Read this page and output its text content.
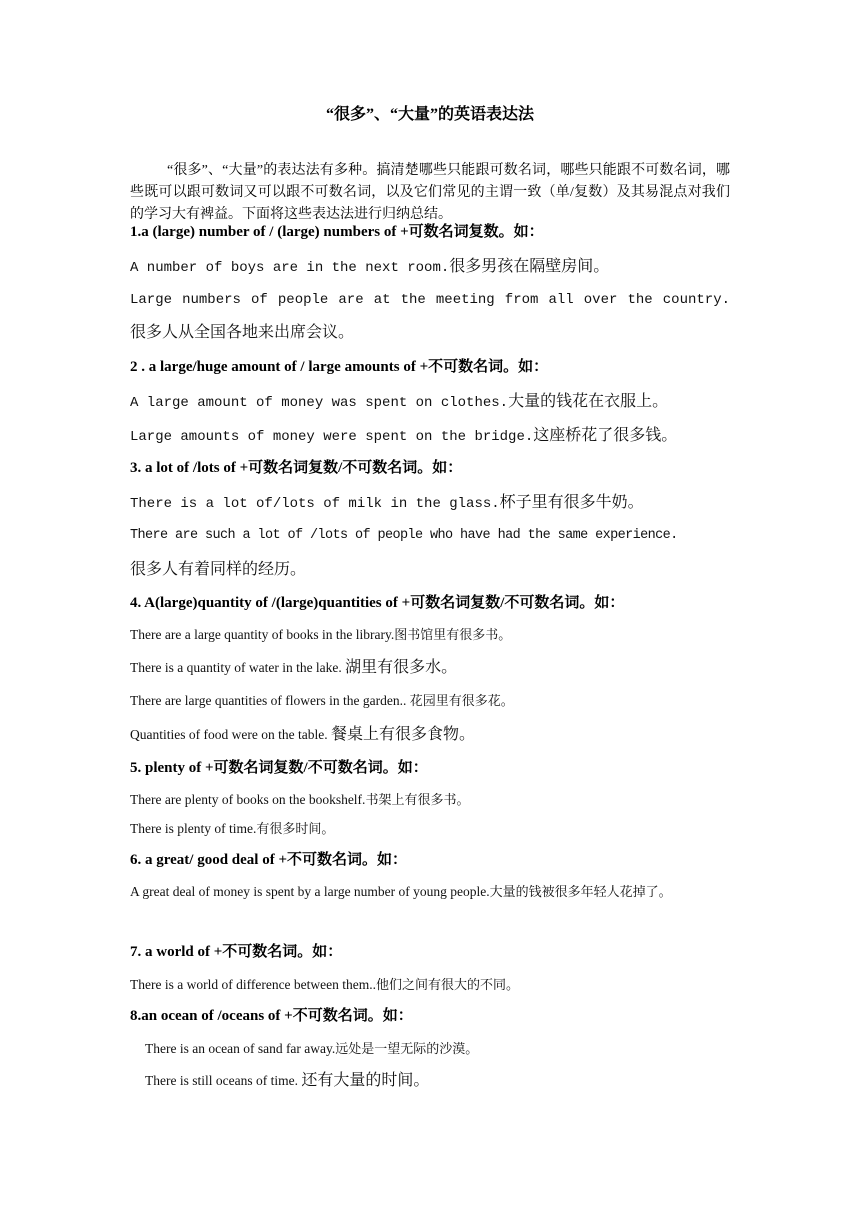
“很多”、“大量”的英语表达法
“很多”、“大量”的表达法有多种。搞清楚哪些只能跟可数名词，哪些只能跟不可数名词，哪些既可以跟可数词又可以跟不可数名词，以及它们常见的主谓一致（单/复数）及其易混点对我们的学习大有裨益。下面将这些表达法进行归纳总结。
1.a (large) number of / (large) numbers of +可数名词复数。如：
A number of boys are in the next room.很多男孩在隔壁房间。
Large numbers of people are at the meeting from all over the country.
很多人从全国各地来出席会议。
2 . a large/huge amount of / large amounts of +不可数名词。如：
A large amount of money was spent on clothes.大量的钱花在衣服上。
Large amounts of money were spent on the bridge.这座桥花了很多钱。
3. a lot of /lots of +可数名词复数/不可数名词。如：
There is a lot of/lots of milk in the glass.杯子里有很多牛奶。
There are such a lot of /lots of people who have had the same experience.
很多人有着同样的经历。
4. A(large)quantity of /(large)quantities of +可数名词复数/不可数名词。如：
There are a large quantity of books in the library.图书馆里有很多书。
There is a quantity of water in the lake. 湖里有很多水。
There are large quantities of flowers in the garden.. 花园里有很多花。
Quantities of food were on the table. 餐桌上有很多食物。
5. plenty of +可数名词复数/不可数名词。如：
There are plenty of books on the bookshelf.书架上有很多书。
There is plenty of time.有很多时间。
6. a great/ good deal of +不可数名词。如：
A great deal of money is spent by a large number of young people.大量的钱被很多年轻人花掉了。
7. a world of +不可数名词。如：
There is a world of difference between them..他们之间有很大的不同。
8.an ocean of /oceans of +不可数名词。如：
There is an ocean of sand far away.远处是一望无际的沙漠。
There is still oceans of time. 还有大量的时间。
